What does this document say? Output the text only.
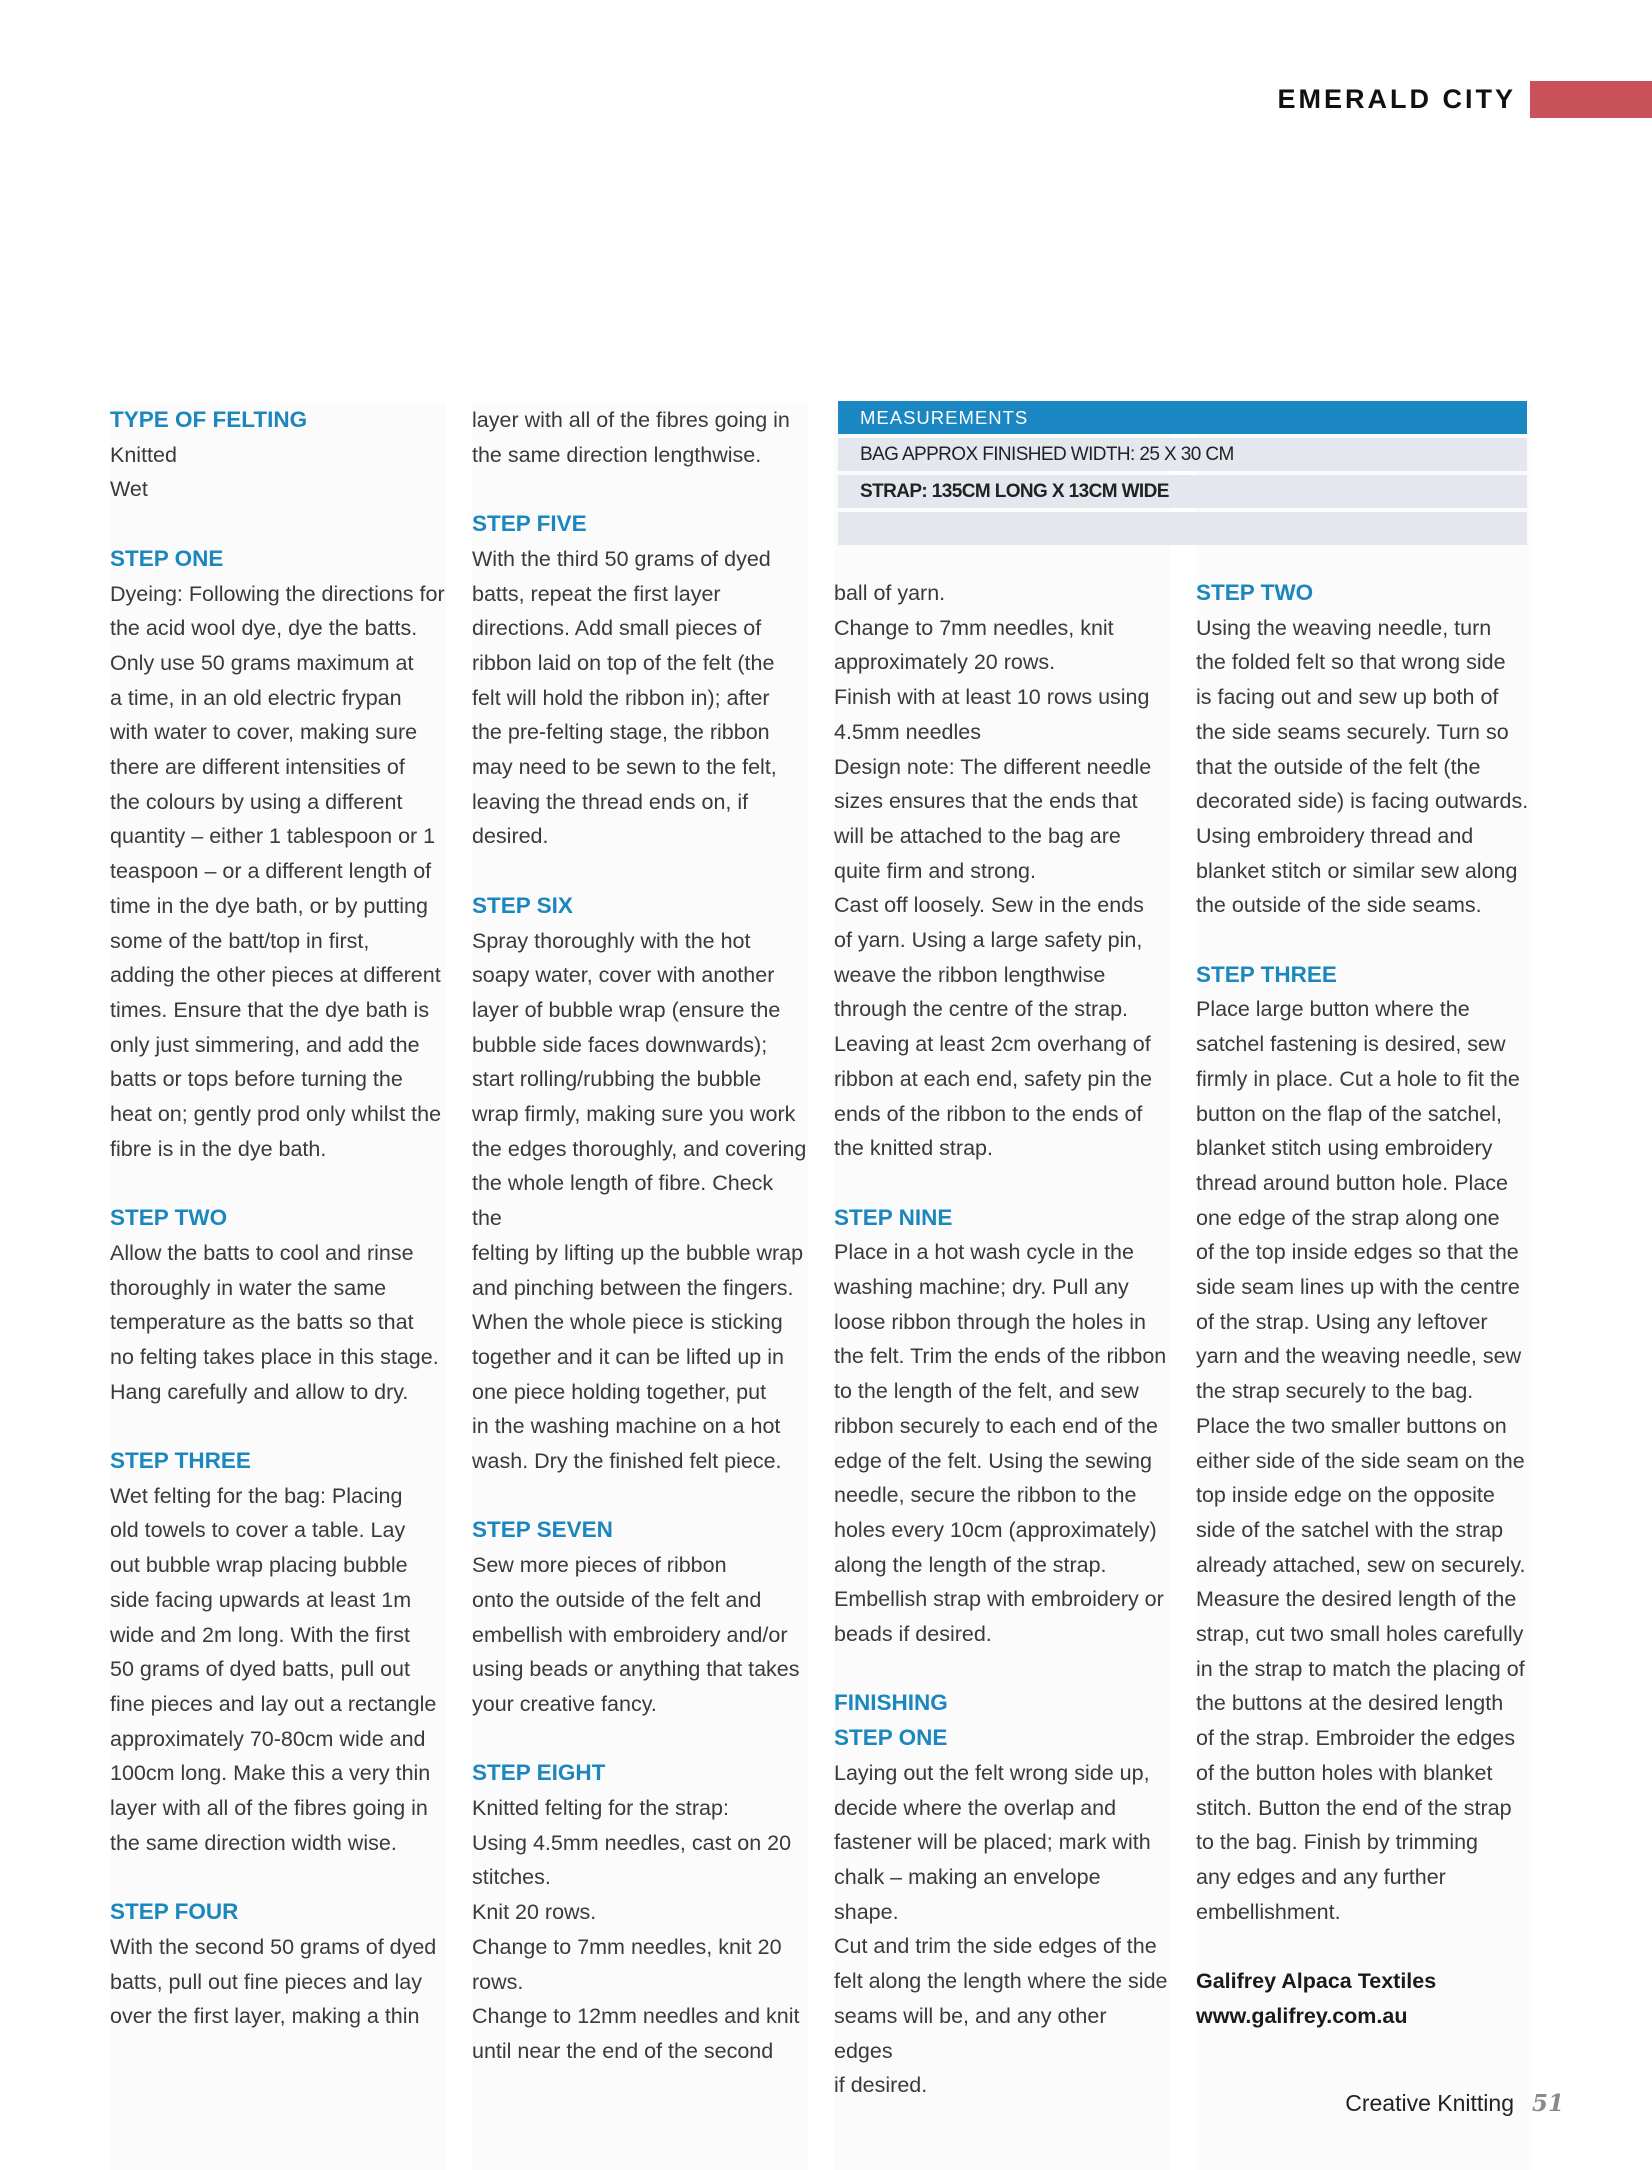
EMERALD CITY
MEASUREMENTS
BAG APPROX FINISHED WIDTH: 25 X 30 CM
STRAP: 135CM LONG X 13CM WIDE

TYPE OF FELTING

Knitted

Wet

STEP ONE

Dyeing: Following the directions for

the acid wool dye, dye the batts.

Only use 50 grams maximum at

a time, in an old electric frypan

with water to cover, making sure

there are different intensities of

the colours by using a different

quantity – either 1 tablespoon or 1

teaspoon – or a different length of

time in the dye bath, or by putting

some of the batt/top in first,

adding the other pieces at different

times. Ensure that the dye bath is

only just simmering, and add the

batts or tops before turning the

heat on; gently prod only whilst the

fibre is in the dye bath.

STEP TWO

Allow the batts to cool and rinse

thoroughly in water the same

temperature as the batts so that

no felting takes place in this stage.

Hang carefully and allow to dry.

STEP THREE

Wet felting for the bag: Placing

old towels to cover a table. Lay

out bubble wrap placing bubble

side facing upwards at least 1m

wide and 2m long. With the first

50 grams of dyed batts, pull out

fine pieces and lay out a rectangle

approximately 70-80cm wide and

100cm long. Make this a very thin

layer with all of the fibres going in

the same direction width wise.

STEP FOUR

With the second 50 grams of dyed

batts, pull out fine pieces and lay

over the first layer, making a thin

layer with all of the fibres going in

the same direction lengthwise.

STEP FIVE

With the third 50 grams of dyed

batts, repeat the first layer

directions. Add small pieces of

ribbon laid on top of the felt (the

felt will hold the ribbon in); after

the pre-felting stage, the ribbon

may need to be sewn to the felt,

leaving the thread ends on, if

desired.

STEP SIX

Spray thoroughly with the hot

soapy water, cover with another

layer of bubble wrap (ensure the

bubble side faces downwards);

start rolling/rubbing the bubble

wrap firmly, making sure you work

the edges thoroughly, and covering

the whole length of fibre. Check the

felting by lifting up the bubble wrap

and pinching between the fingers.

When the whole piece is sticking

together and it can be lifted up in

one piece holding together, put

in the washing machine on a hot

wash. Dry the finished felt piece.

STEP SEVEN

Sew more pieces of ribbon

onto the outside of the felt and

embellish with embroidery and/or

using beads or anything that takes

your creative fancy.

STEP EIGHT

Knitted felting for the strap:

Using 4.5mm needles, cast on 20

stitches.

Knit 20 rows.

Change to 7mm needles, knit 20

rows.

Change to 12mm needles and knit

until near the end of the second

ball of yarn.

Change to 7mm needles, knit

approximately 20 rows.

Finish with at least 10 rows using

4.5mm needles

Design note: The different needle

sizes ensures that the ends that

will be attached to the bag are

quite firm and strong.

Cast off loosely. Sew in the ends

of yarn. Using a large safety pin,

weave the ribbon lengthwise

through the centre of the strap.

Leaving at least 2cm overhang of

ribbon at each end, safety pin the

ends of the ribbon to the ends of

the knitted strap.

STEP NINE

Place in a hot wash cycle in the

washing machine; dry. Pull any

loose ribbon through the holes in

the felt. Trim the ends of the ribbon

to the length of the felt, and sew

ribbon securely to each end of the

edge of the felt. Using the sewing

needle, secure the ribbon to the

holes every 10cm (approximately)

along the length of the strap.

Embellish strap with embroidery or

beads if desired.

FINISHING

STEP ONE

Laying out the felt wrong side up,

decide where the overlap and

fastener will be placed; mark with

chalk – making an envelope shape.

Cut and trim the side edges of the

felt along the length where the side

seams will be, and any other edges

if desired.

STEP TWO

Using the weaving needle, turn

the folded felt so that wrong side

is facing out and sew up both of

the side seams securely. Turn so

that the outside of the felt (the

decorated side) is facing outwards.

Using embroidery thread and

blanket stitch or similar sew along

the outside of the side seams.

STEP THREE

Place large button where the

satchel fastening is desired, sew

firmly in place. Cut a hole to fit the

button on the flap of the satchel,

blanket stitch using embroidery

thread around button hole. Place

one edge of the strap along one

of the top inside edges so that the

side seam lines up with the centre

of the strap. Using any leftover

yarn and the weaving needle, sew

the strap securely to the bag.

Place the two smaller buttons on

either side of the side seam on the

top inside edge on the opposite

side of the satchel with the strap

already attached, sew on securely.

Measure the desired length of the

strap, cut two small holes carefully

in the strap to match the placing of

the buttons at the desired length

of the strap. Embroider the edges

of the button holes with blanket

stitch. Button the end of the strap

to the bag. Finish by trimming

any edges and any further

embellishment.

Galifrey Alpaca Textiles

www.galifrey.com.au

Creative Knitting 51
